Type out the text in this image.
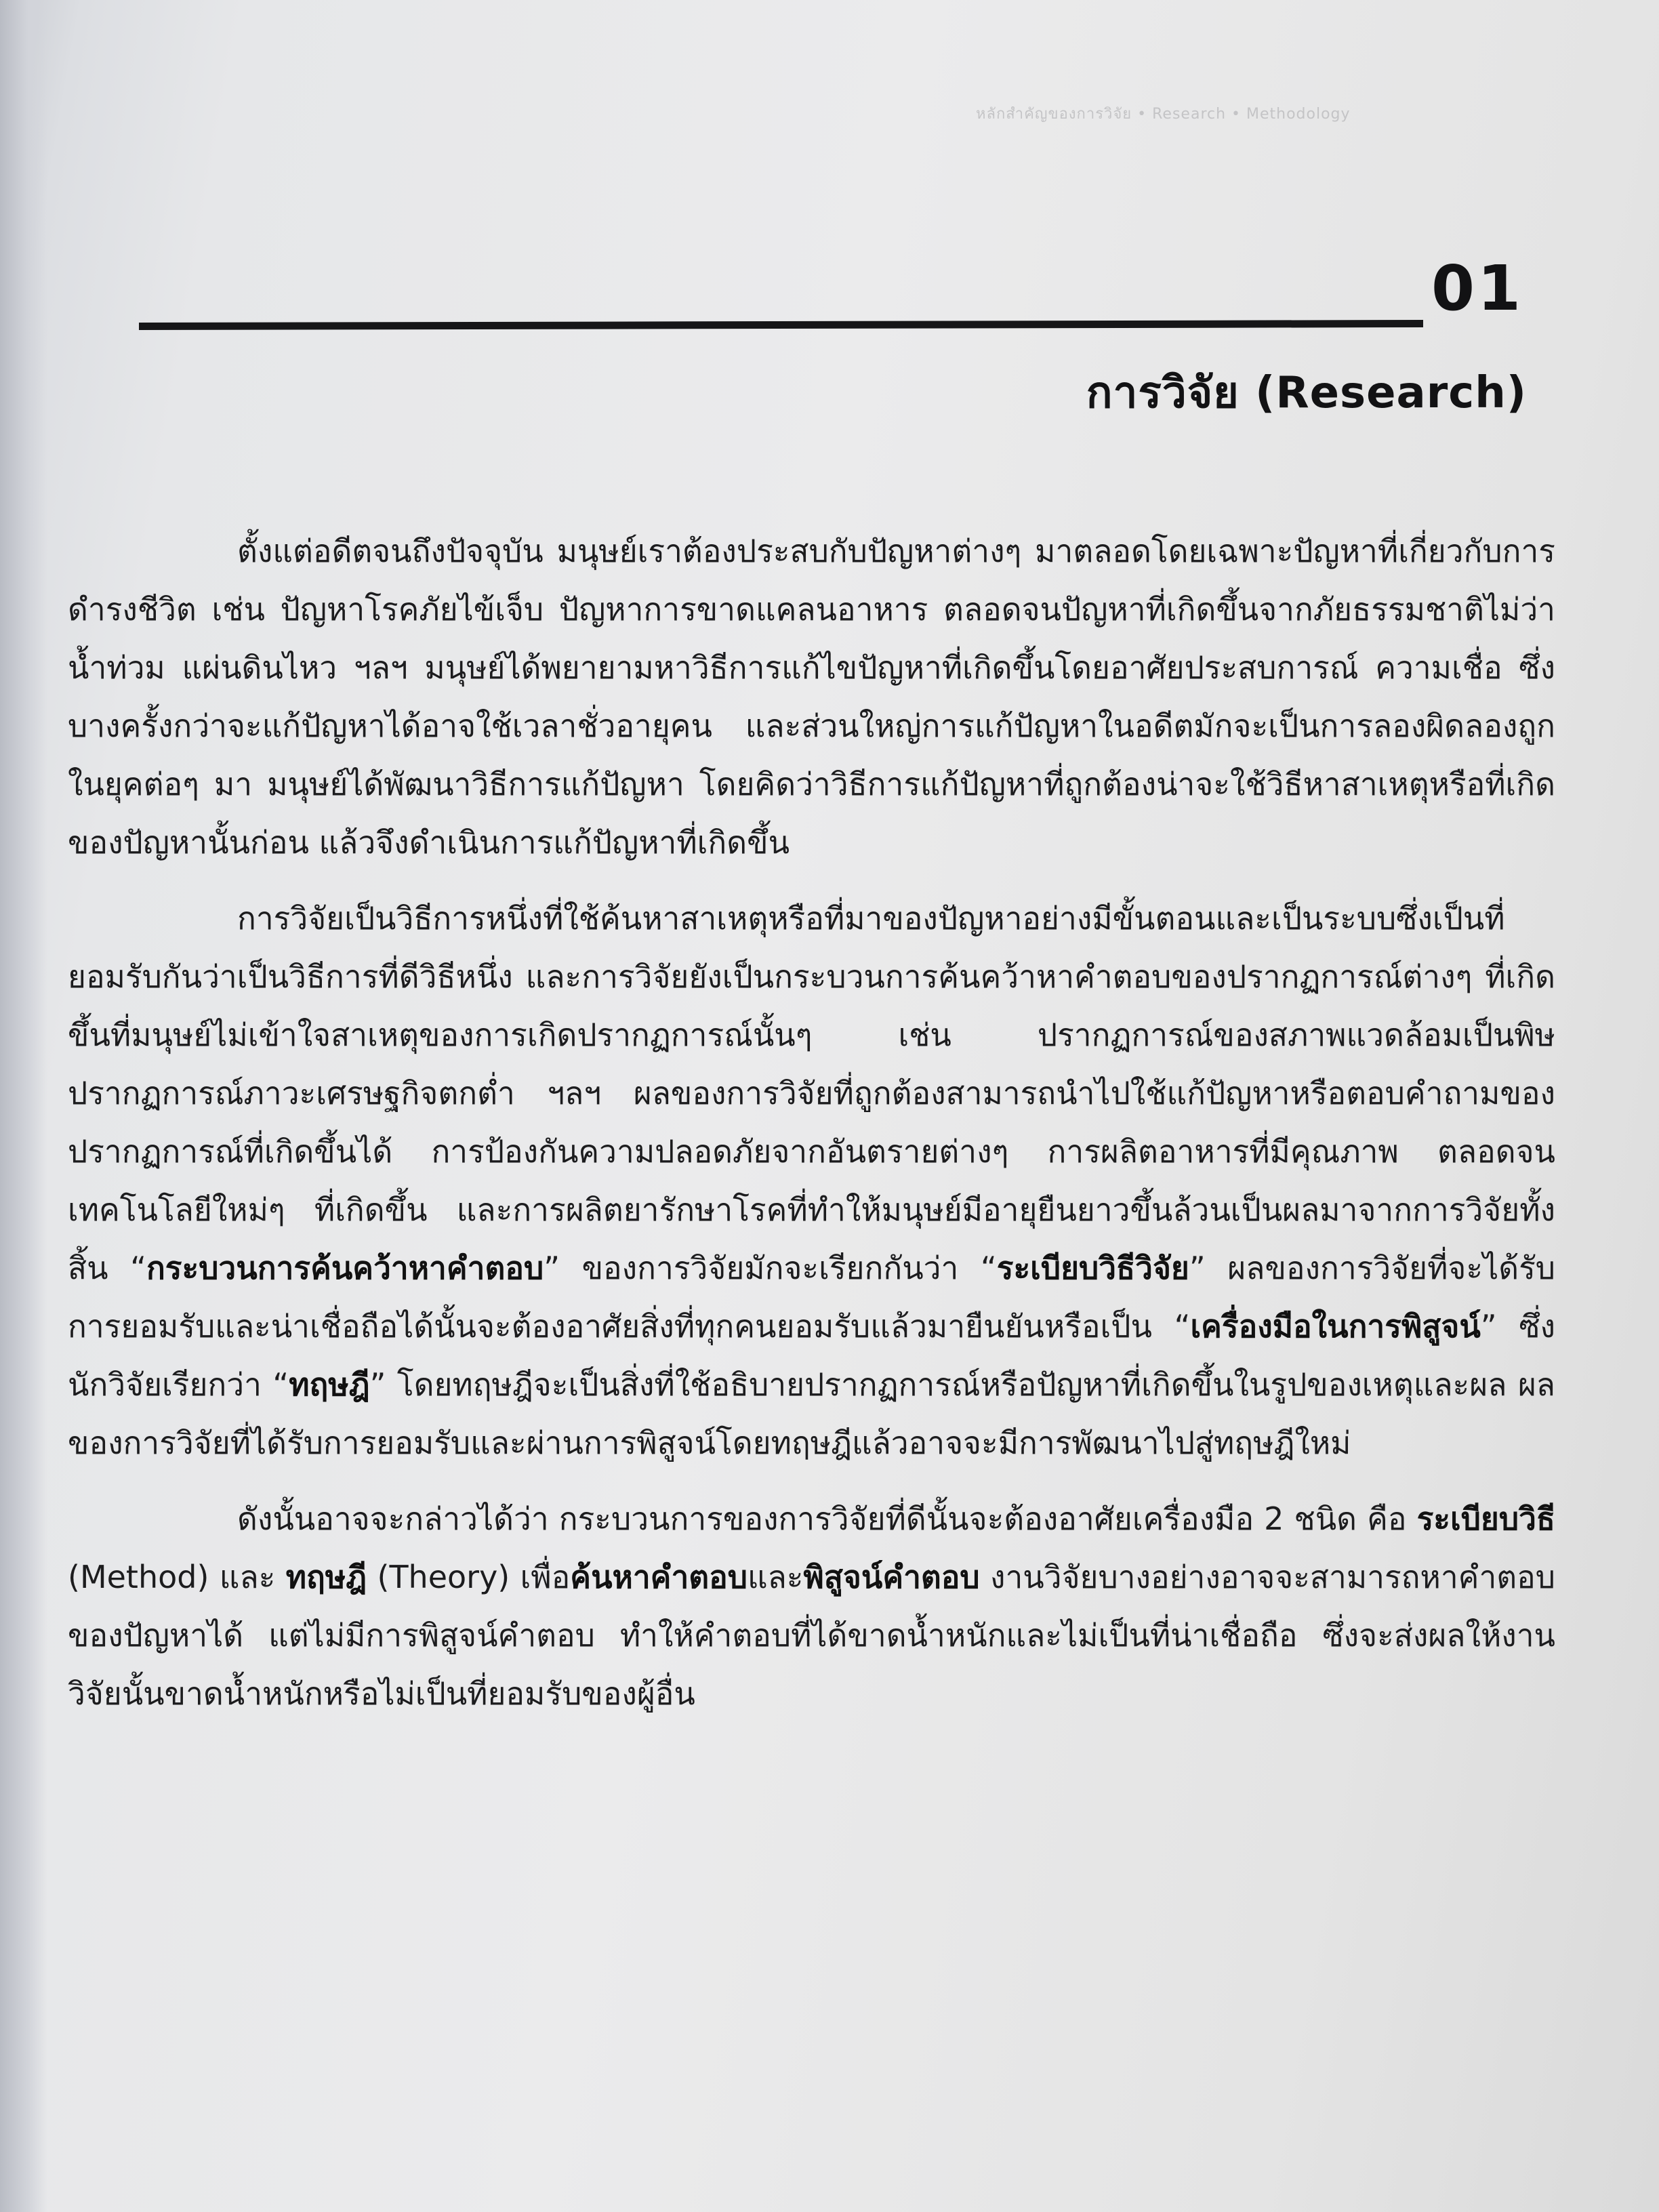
หลักสำคัญของการวิจัย • Research • Methodology
01
การวิจัย (Research)

ตั้งแต่อดีตจนถึงปัจจุบัน มนุษย์เราต้องประสบกับปัญหาต่างๆ มาตลอดโดยเฉพาะปัญหาที่เกี่ยวกับการดำรงชีวิต เช่น ปัญหาโรคภัยไข้เจ็บ ปัญหาการขาดแคลนอาหาร ตลอดจนปัญหาที่เกิดขึ้นจากภัยธรรมชาติไม่ว่าน้ำท่วม แผ่นดินไหว ฯลฯ มนุษย์ได้พยายามหาวิธีการแก้ไขปัญหาที่เกิดขึ้นโดยอาศัยประสบการณ์ ความเชื่อ ซึ่งบางครั้งกว่าจะแก้ปัญหาได้อาจใช้เวลาชั่วอายุคน และส่วนใหญ่การแก้ปัญหาในอดีตมักจะเป็นการลองผิดลองถูก ในยุคต่อๆ มา มนุษย์ได้พัฒนาวิธีการแก้ปัญหา โดยคิดว่าวิธีการแก้ปัญหาที่ถูกต้องน่าจะใช้วิธีหาสาเหตุหรือที่เกิดของปัญหานั้นก่อน แล้วจึงดำเนินการแก้ปัญหาที่เกิดขึ้น

การวิจัยเป็นวิธีการหนึ่งที่ใช้ค้นหาสาเหตุหรือที่มาของปัญหาอย่างมีขั้นตอนและเป็นระบบซึ่งเป็นที่ยอมรับกันว่าเป็นวิธีการที่ดีวิธีหนึ่ง และการวิจัยยังเป็นกระบวนการค้นคว้าหาคำตอบของปรากฏการณ์ต่างๆ ที่เกิดขึ้นที่มนุษย์ไม่เข้าใจสาเหตุของการเกิดปรากฏการณ์นั้นๆ เช่น ปรากฏการณ์ของสภาพแวดล้อมเป็นพิษ ปรากฏการณ์ภาวะเศรษฐกิจตกต่ำ ฯลฯ ผลของการวิจัยที่ถูกต้องสามารถนำไปใช้แก้ปัญหาหรือตอบคำถามของปรากฏการณ์ที่เกิดขึ้นได้ การป้องกันความปลอดภัยจากอันตรายต่างๆ การผลิตอาหารที่มีคุณภาพ ตลอดจนเทคโนโลยีใหม่ๆ ที่เกิดขึ้น และการผลิตยารักษาโรคที่ทำให้มนุษย์มีอายุยืนยาวขึ้นล้วนเป็นผลมาจากการวิจัยทั้งสิ้น “กระบวนการค้นคว้าหาคำตอบ” ของการวิจัยมักจะเรียกกันว่า “ระเบียบวิธีวิจัย” ผลของการวิจัยที่จะได้รับการยอมรับและน่าเชื่อถือได้นั้นจะต้องอาศัยสิ่งที่ทุกคนยอมรับแล้วมายืนยันหรือเป็น “เครื่องมือในการพิสูจน์” ซึ่งนักวิจัยเรียกว่า “ทฤษฎี” โดยทฤษฎีจะเป็นสิ่งที่ใช้อธิบายปรากฏการณ์หรือปัญหาที่เกิดขึ้นในรูปของเหตุและผล ผลของการวิจัยที่ได้รับการยอมรับและผ่านการพิสูจน์โดยทฤษฎีแล้วอาจจะมีการพัฒนาไปสู่ทฤษฎีใหม่

ดังนั้นอาจจะกล่าวได้ว่า กระบวนการของการวิจัยที่ดีนั้นจะต้องอาศัยเครื่องมือ 2 ชนิด คือ ระเบียบวิธี (Method) และ ทฤษฎี (Theory) เพื่อค้นหาคำตอบและพิสูจน์คำตอบ งานวิจัยบางอย่างอาจจะสามารถหาคำตอบของปัญหาได้ แต่ไม่มีการพิสูจน์คำตอบ ทำให้คำตอบที่ได้ขาดน้ำหนักและไม่เป็นที่น่าเชื่อถือ ซึ่งจะส่งผลให้งานวิจัยนั้นขาดน้ำหนักหรือไม่เป็นที่ยอมรับของผู้อื่น
